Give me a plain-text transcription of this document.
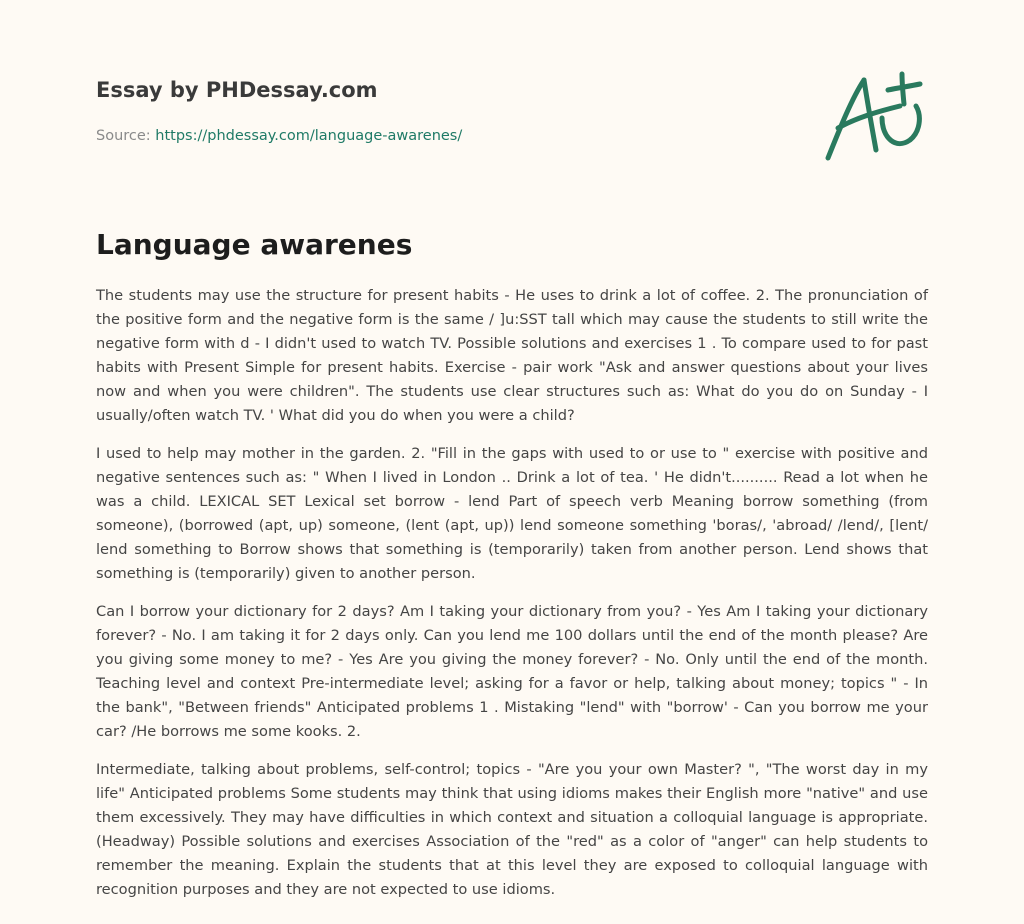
Essay by PHDessay.com
Source: https://phdessay.com/language-awarenes/
Language awarenes

The students may use the structure for present habits - He uses to drink a lot of coffee. 2. The pronunciation of the positive form and the negative form is the same / ]u:SST tall which may cause the students to still write the negative form with d - I didn't used to watch TV. Possible solutions and exercises 1 . To compare used to for past habits with Present Simple for present habits. Exercise - pair work "Ask and answer questions about your lives now and when you were children". The students use clear structures such as: What do you do on Sunday - I usually/often watch TV. ' What did you do when you were a child?

I used to help may mother in the garden. 2. "Fill in the gaps with used to or use to " exercise with positive and negative sentences such as: " When I lived in London .. Drink a lot of tea. ' He didn't.......... Read a lot when he was a child. LEXICAL SET Lexical set borrow - lend Part of speech verb Meaning borrow something (from someone), (borrowed (apt, up) someone, (lent (apt, up)) lend someone something 'boras/, 'abroad/ /lend/, [lent/ lend something to Borrow shows that something is (temporarily) taken from another person. Lend shows that something is (temporarily) given to another person.

Can I borrow your dictionary for 2 days? Am I taking your dictionary from you? - Yes Am I taking your dictionary forever? - No. I am taking it for 2 days only. Can you lend me 100 dollars until the end of the month please? Are you giving some money to me? - Yes Are you giving the money forever? - No. Only until the end of the month. Teaching level and context Pre-intermediate level; asking for a favor or help, talking about money; topics " - In the bank", "Between friends" Anticipated problems 1 . Mistaking "lend" with "borrow' - Can you borrow me your car? /He borrows me some kooks. 2.

Intermediate, talking about problems, self-control; topics - "Are you your own Master? ", "The worst day in my life" Anticipated problems Some students may think that using idioms makes their English more "native" and use them excessively. They may have difficulties in which context and situation a colloquial language is appropriate. (Headway) Possible solutions and exercises Association of the "red" as a color of "anger" can help students to remember the meaning. Explain the students that at this level they are exposed to colloquial language with recognition purposes and they are not expected to use idioms.
